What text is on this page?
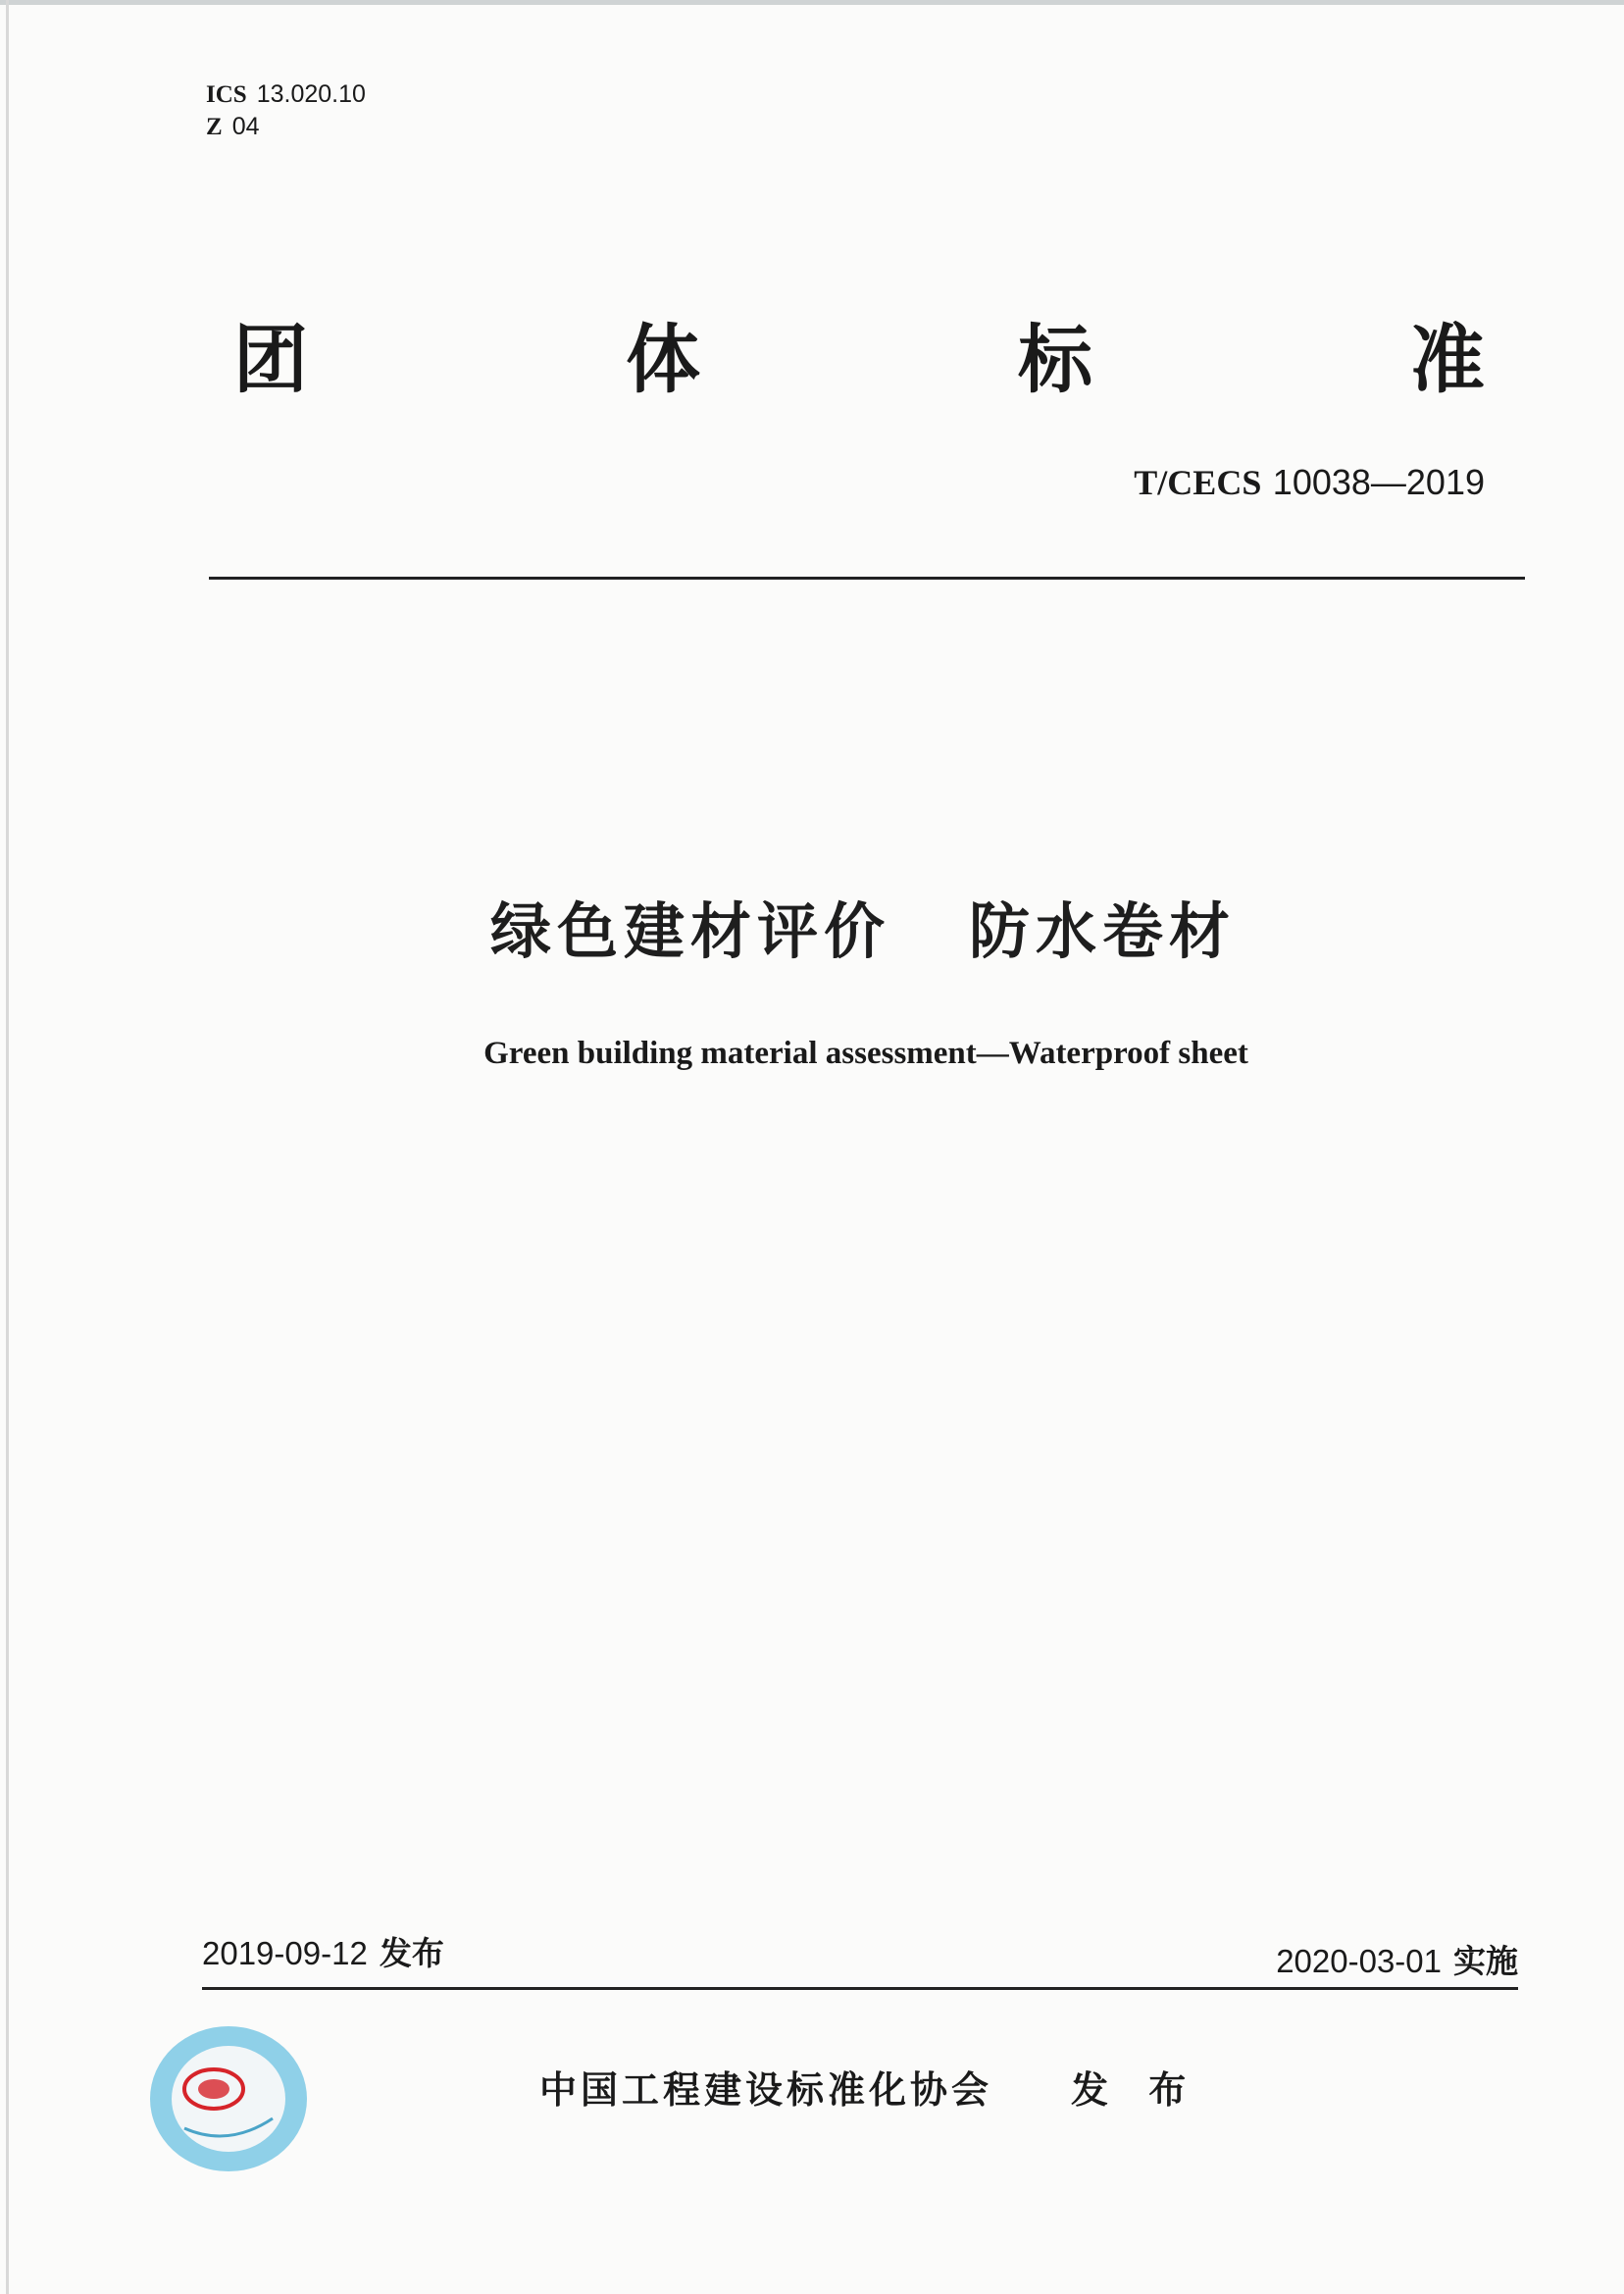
ICS 13.020.10
Z 04
团	体	标	准
T/CECS 10038—2019
绿色建材评价 防水卷材
Green building material assessment—Waterproof sheet
2019-09-12 发布	2020-03-01 实施
中国工程建设标准化协会 发 布
